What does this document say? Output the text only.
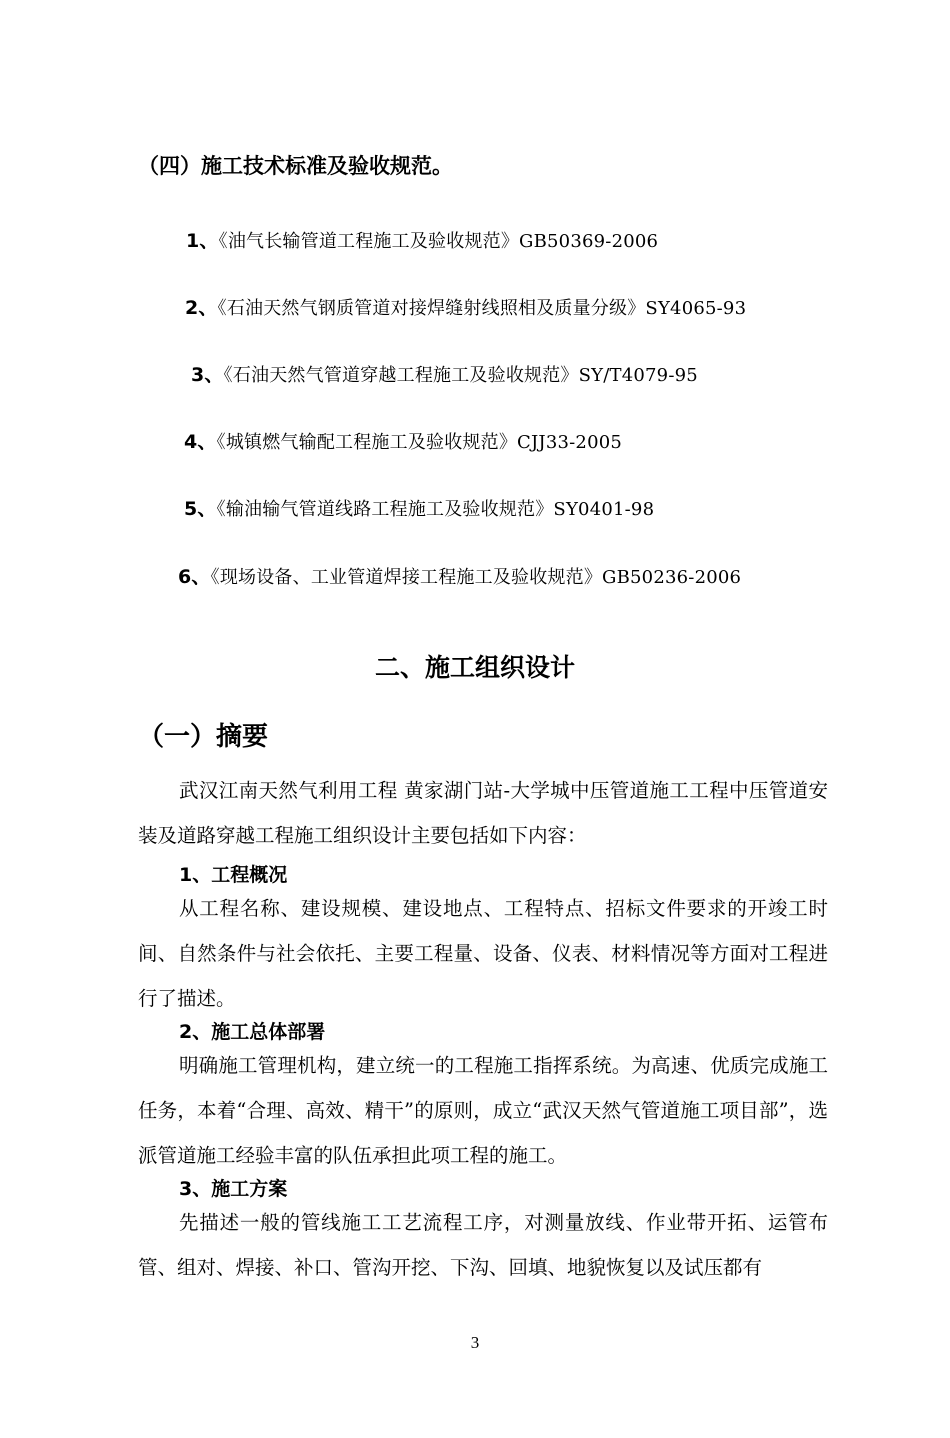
（四）施工技术标准及验收规范。
1、《油气长输管道工程施工及验收规范》GB50369-2006
2、《石油天然气钢质管道对接焊缝射线照相及质量分级》SY4065-93
3、《石油天然气管道穿越工程施工及验收规范》SY/T4079-95
4、《城镇燃气输配工程施工及验收规范》CJJ33-2005
5、《输油输气管道线路工程施工及验收规范》SY0401-98
6、《现场设备、工业管道焊接工程施工及验收规范》GB50236-2006
二、施工组织设计
（一）摘要
武汉江南天然气利用工程 黄家湖门站-大学城中压管道施工工程中压管道安装及道路穿越工程施工组织设计主要包括如下内容：
1、工程概况
从工程名称、建设规模、建设地点、工程特点、招标文件要求的开竣工时间、自然条件与社会依托、主要工程量、设备、仪表、材料情况等方面对工程进行了描述。
2、施工总体部署
明确施工管理机构，建立统一的工程施工指挥系统。为高速、优质完成施工任务，本着“合理、高效、精干”的原则，成立“武汉天然气管道施工项目部”，选派管道施工经验丰富的队伍承担此项工程的施工。
3、施工方案
先描述一般的管线施工工艺流程工序，对测量放线、作业带开拓、运管布管、组对、焊接、补口、管沟开挖、下沟、回填、地貌恢复以及试压都有
3
